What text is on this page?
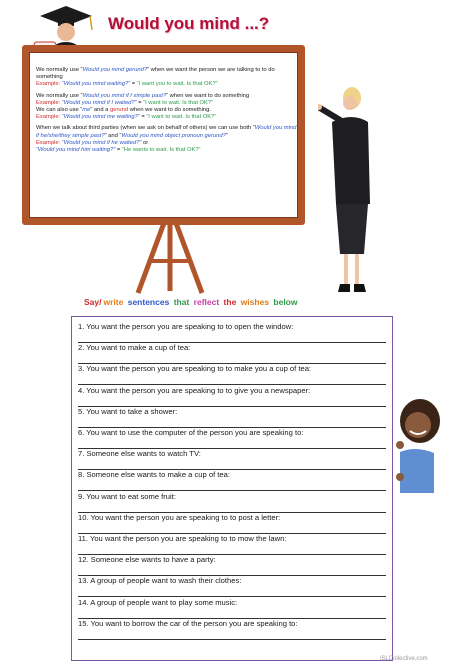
Would you mind ...?

We normally use “Would you mind gerund?” when we want the person we are talking to to do something

Example: “Would you mind waiting?” = “I want you to wait. Is that OK?”

We normally use “Would you mind if I simple past?” when we want to do something

Example: “Would you mind if I waited?” = “I want to wait. Is that OK?”

We can also use “me” and a gerund when we want to do something.

Example: “Would you mind me waiting?” = “I want to wait. Is that OK?”

When we talk about third parties (when we ask on behalf of others) we can use both “Would you mind if he/she/they simple past?” and “Would you mind object pronoun gerund?”

Example: “Would you mind if he waited?” or
“Would you mind him waiting?” = “He wants to wait. Is that OK?”

Say/ write sentences that reflect the wishes below
1. You want the person you are speaking to to open the window:
2. You want to make a cup of tea:
3. You want the person you are speaking to to make you a cup of tea:
4. You want the person you are speaking to to give you a newspaper:
5. You want to take a shower:
6. You want to use the computer of the person you are speaking to:
7. Someone else wants to watch TV:
8. Someone else wants to make a cup of tea:
9. You want to eat some fruit:
10. You want the person you are speaking to to post a letter:
11. You want the person you are speaking to to mow the lawn:
12. Someone else wants to have a party:
13. A group of people want to wash their clothes:
14. A group of people want to play some music:
15. You want to borrow the car of the person you are speaking to:
iSLCollective.com
